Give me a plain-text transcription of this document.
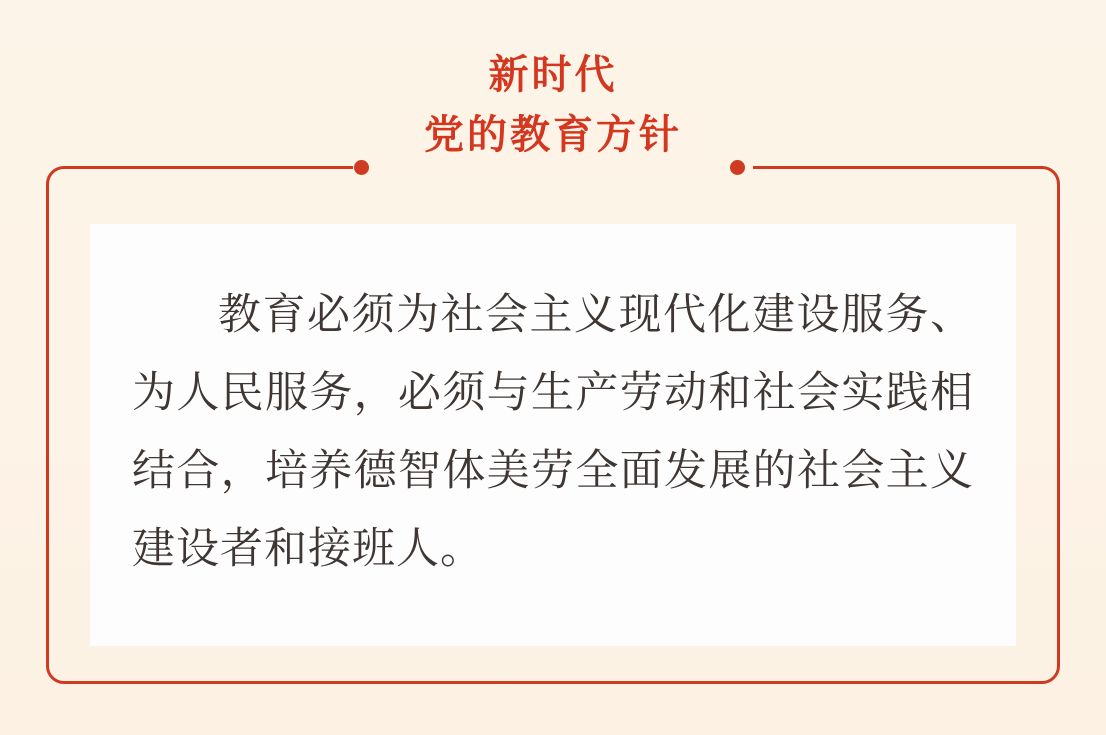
新时代
党的教育方针

教育必须为社会主义现代化建设服务、为人民服务，必须与生产劳动和社会实践相结合，培养德智体美劳全面发展的社会主义建设者和接班人。
